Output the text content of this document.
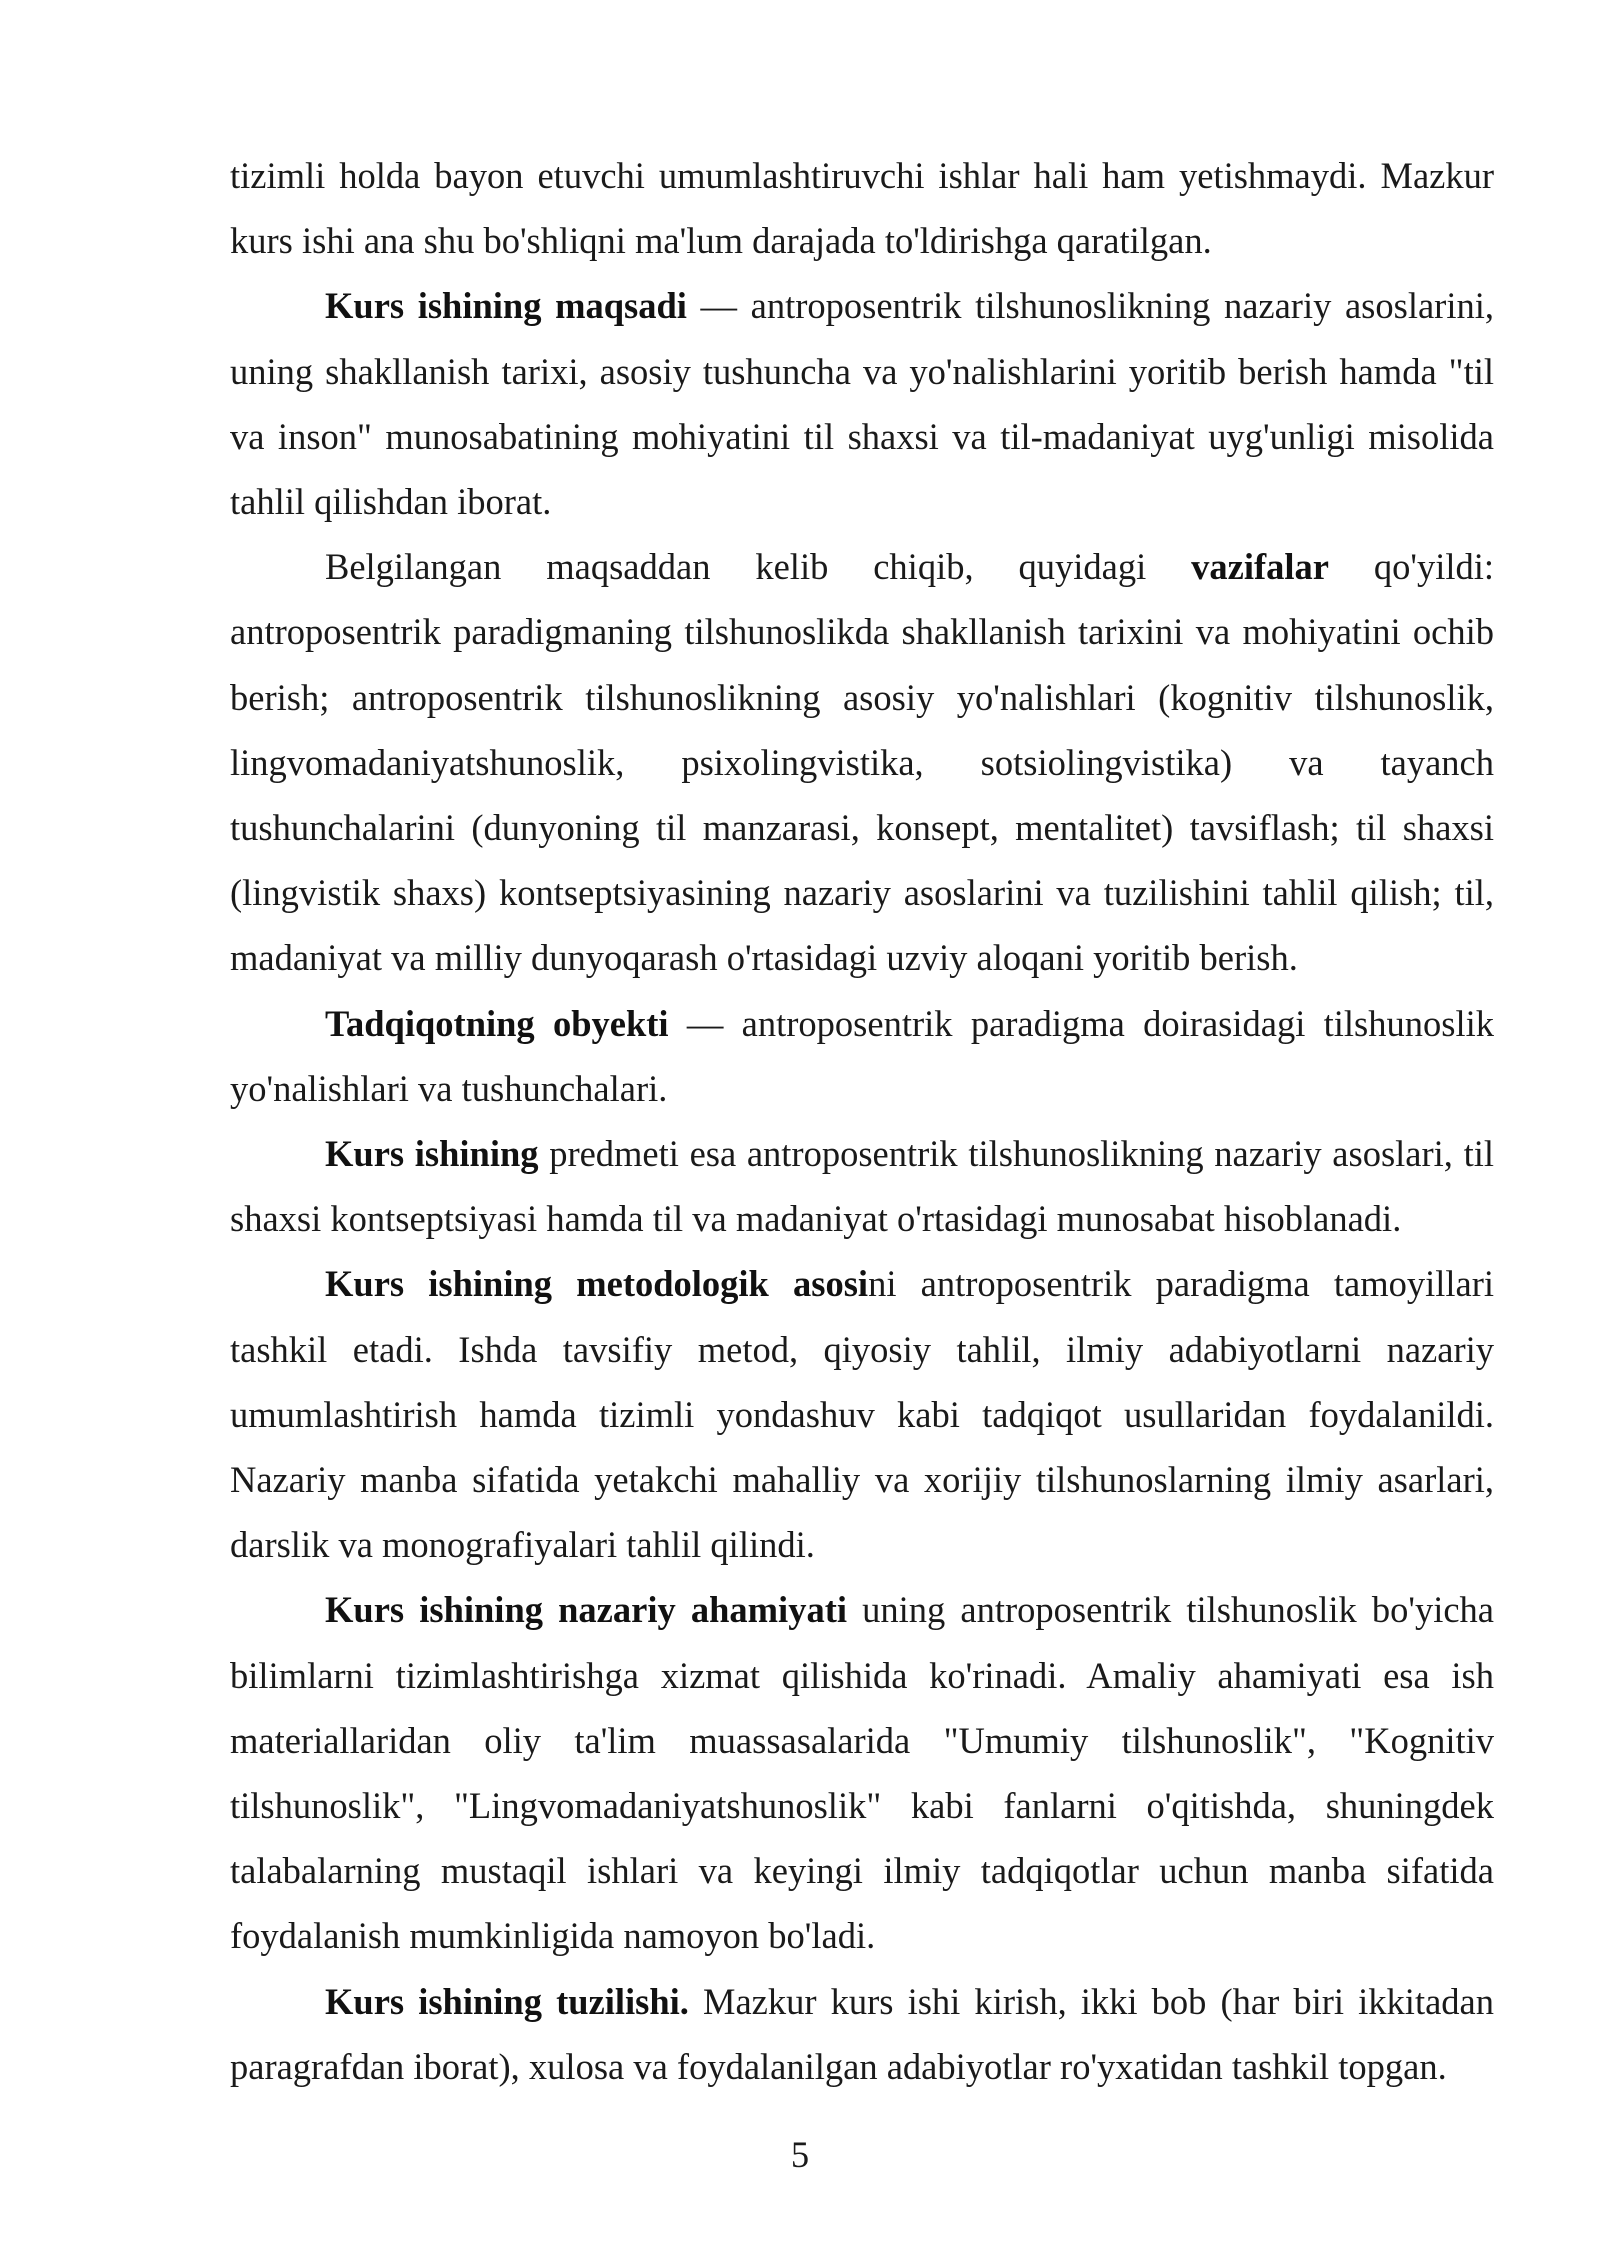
tizimli holda bayon etuvchi umumlashtiruvchi ishlar hali ham yetishmaydi. Mazkur kurs ishi ana shu bo'shliqni ma'lum darajada to'ldirishga qaratilgan.

Kurs ishining maqsadi — antroposentrik tilshunoslikning nazariy asoslarini, uning shakllanish tarixi, asosiy tushuncha va yo'nalishlarini yoritib berish hamda "til va inson" munosabatining mohiyatini til shaxsi va til-madaniyat uyg'unligi misolida tahlil qilishdan iborat.

Belgilangan maqsaddan kelib chiqib, quyidagi vazifalar qo'yildi: antroposentrik paradigmaning tilshunoslikda shakllanish tarixini va mohiyatini ochib berish; antroposentrik tilshunoslikning asosiy yo'nalishlari (kognitiv tilshunoslik, lingvomadaniyatshunoslik, psixolingvistika, sotsiolingvistika) va tayanch tushunchalarini (dunyoning til manzarasi, konsept, mentalitet) tavsiflash; til shaxsi (lingvistik shaxs) kontseptsiyasining nazariy asoslarini va tuzilishini tahlil qilish; til, madaniyat va milliy dunyoqarash o'rtasidagi uzviy aloqani yoritib berish.

Tadqiqotning obyekti — antroposentrik paradigma doirasidagi tilshunoslik yo'nalishlari va tushunchalari.

Kurs ishining predmeti esa antroposentrik tilshunoslikning nazariy asoslari, til shaxsi kontseptsiyasi hamda til va madaniyat o'rtasidagi munosabat hisoblanadi.

Kurs ishining metodologik asosini antroposentrik paradigma tamoyillari tashkil etadi. Ishda tavsifiy metod, qiyosiy tahlil, ilmiy adabiyotlarni nazariy umumlashtirish hamda tizimli yondashuv kabi tadqiqot usullaridan foydalanildi. Nazariy manba sifatida yetakchi mahalliy va xorijiy tilshunoslarning ilmiy asarlari, darslik va monografiyalari tahlil qilindi.

Kurs ishining nazariy ahamiyati uning antroposentrik tilshunoslik bo'yicha bilimlarni tizimlashtirishga xizmat qilishida ko'rinadi. Amaliy ahamiyati esa ish materiallaridan oliy ta'lim muassasalarida "Umumiy tilshunoslik", "Kognitiv tilshunoslik", "Lingvomadaniyatshunoslik" kabi fanlarni o'qitishda, shuningdek talabalarning mustaqil ishlari va keyingi ilmiy tadqiqotlar uchun manba sifatida foydalanish mumkinligida namoyon bo'ladi.

Kurs ishining tuzilishi. Mazkur kurs ishi kirish, ikki bob (har biri ikkitadan paragrafdan iborat), xulosa va foydalanilgan adabiyotlar ro'yxatidan tashkil topgan.

5
